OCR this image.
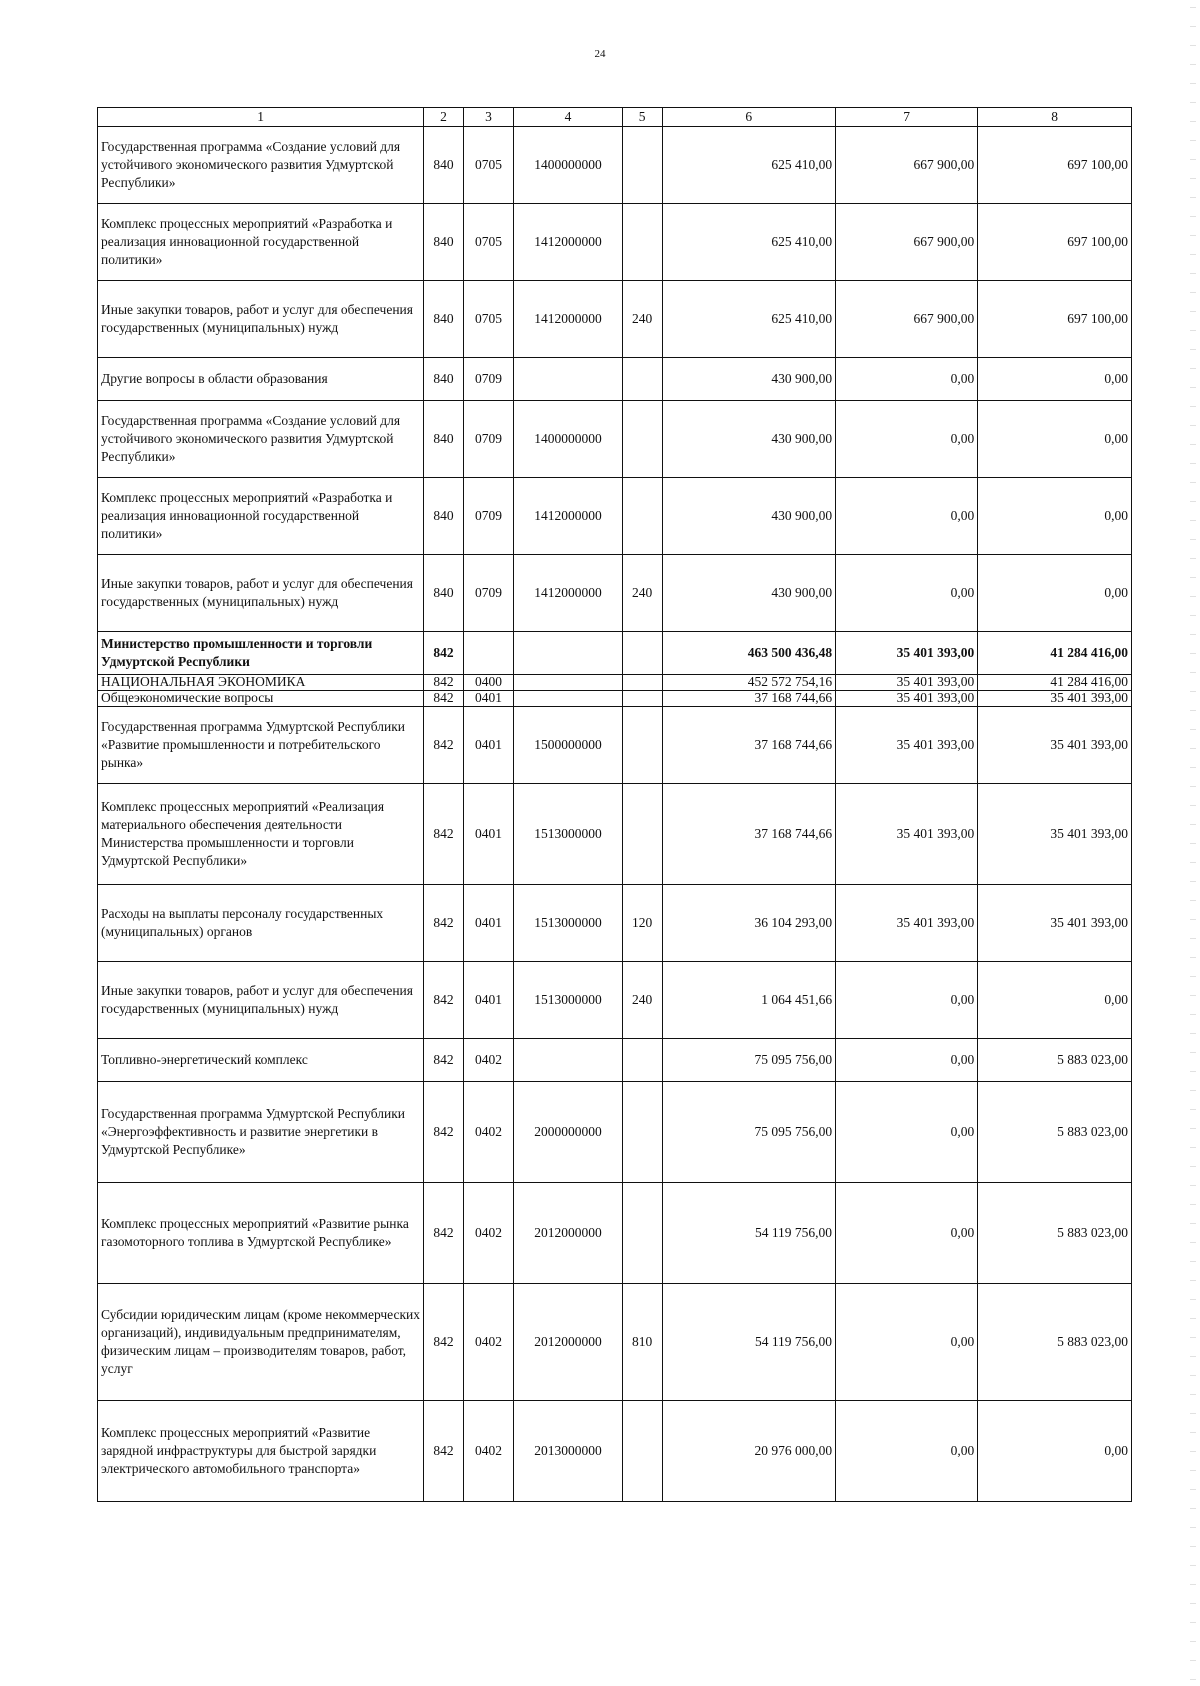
24
1	2	3	4	5	6	7	8
Государственная программа «Создание условий для устойчивого экономического развития Удмуртской Республики»	840	0705	1400000000		625 410,00	667 900,00	697 100,00
Комплекс процессных мероприятий «Разработка и реализация инновационной государственной политики»	840	0705	1412000000		625 410,00	667 900,00	697 100,00
Иные закупки товаров, работ и услуг для обеспечения государственных (муниципальных) нужд	840	0705	1412000000	240	625 410,00	667 900,00	697 100,00
Другие вопросы в области образования	840	0709			430 900,00	0,00	0,00
Государственная программа «Создание условий для устойчивого экономического развития Удмуртской Республики»	840	0709	1400000000		430 900,00	0,00	0,00
Комплекс процессных мероприятий «Разработка и реализация инновационной государственной политики»	840	0709	1412000000		430 900,00	0,00	0,00
Иные закупки товаров, работ и услуг для обеспечения государственных (муниципальных) нужд	840	0709	1412000000	240	430 900,00	0,00	0,00
Министерство промышленности и торговли Удмуртской Республики	842				463 500 436,48	35 401 393,00	41 284 416,00
НАЦИОНАЛЬНАЯ ЭКОНОМИКА	842	0400			452 572 754,16	35 401 393,00	41 284 416,00
Общеэкономические вопросы	842	0401			37 168 744,66	35 401 393,00	35 401 393,00
Государственная программа Удмуртской Республики «Развитие промышленности и потребительского рынка»	842	0401	1500000000		37 168 744,66	35 401 393,00	35 401 393,00
Комплекс процессных мероприятий «Реализация материального обеспечения деятельности Министерства промышленности и торговли Удмуртской Республики»	842	0401	1513000000		37 168 744,66	35 401 393,00	35 401 393,00
Расходы на выплаты персоналу государственных (муниципальных) органов	842	0401	1513000000	120	36 104 293,00	35 401 393,00	35 401 393,00
Иные закупки товаров, работ и услуг для обеспечения государственных (муниципальных) нужд	842	0401	1513000000	240	1 064 451,66	0,00	0,00
Топливно-энергетический комплекс	842	0402			75 095 756,00	0,00	5 883 023,00
Государственная программа Удмуртской Республики «Энергоэффективность и развитие энергетики в Удмуртской Республике»	842	0402	2000000000		75 095 756,00	0,00	5 883 023,00
Комплекс процессных мероприятий «Развитие рынка газомоторного топлива в Удмуртской Республике»	842	0402	2012000000		54 119 756,00	0,00	5 883 023,00
Субсидии юридическим лицам (кроме некоммерческих организаций), индивидуальным предпринимателям, физическим лицам – производителям товаров, работ, услуг	842	0402	2012000000	810	54 119 756,00	0,00	5 883 023,00
Комплекс процессных мероприятий «Развитие зарядной инфраструктуры для быстрой зарядки электрического автомобильного транспорта»	842	0402	2013000000		20 976 000,00	0,00	0,00
